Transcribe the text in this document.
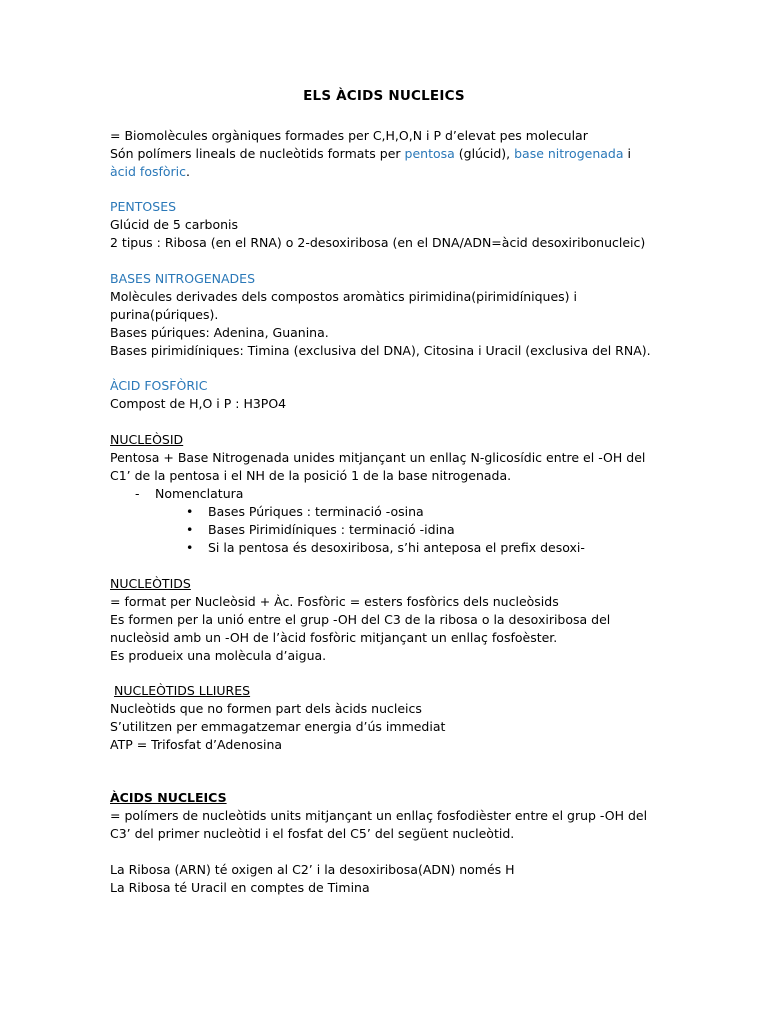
ELS ÀCIDS NUCLEICS
= Biomolècules orgàniques formades per C,H,O,N i P d’elevat pes molecular
Són polímers lineals de nucleòtids formats per pentosa (glúcid), base nitrogenada i
àcid fosfòric.
PENTOSES
Glúcid de 5 carbonis
2 tipus : Ribosa (en el RNA) o 2-desoxiribosa (en el DNA/ADN=àcid desoxiribonucleic)
BASES NITROGENADES
Molècules derivades dels compostos aromàtics pirimidina(pirimidíniques) i
purina(púriques).
Bases púriques: Adenina, Guanina.
Bases pirimidíniques: Timina (exclusiva del DNA), Citosina i Uracil (exclusiva del RNA).
ÀCID FOSFÒRIC
Compost de H,O i P : H3PO4
NUCLEÒSID
Pentosa + Base Nitrogenada unides mitjançant un enllaç N-glicosídic entre el -OH del
C1’ de la pentosa i el NH de la posició 1 de la base nitrogenada.
- Nomenclatura
• Bases Púriques : terminació -osina
• Bases Pirimidíniques : terminació -idina
• Si la pentosa és desoxiribosa, s’hi anteposa el prefix desoxi-
NUCLEÒTIDS
= format per Nucleòsid + Àc. Fosfòric = esters fosfòrics dels nucleòsids
Es formen per la unió entre el grup -OH del C3 de la ribosa o la desoxiribosa del
nucleòsid amb un -OH de l’àcid fosfòric mitjançant un enllaç fosfoèster.
Es produeix una molècula d’aigua.
NUCLEÒTIDS LLIURES
Nucleòtids que no formen part dels àcids nucleics
S’utilitzen per emmagatzemar energia d’ús immediat
ATP = Trifosfat d’Adenosina
ÀCIDS NUCLEICS
= polímers de nucleòtids units mitjançant un enllaç fosfodièster entre el grup -OH del
C3’ del primer nucleòtid i el fosfat del C5’ del següent nucleòtid.
La Ribosa (ARN) té oxigen al C2’ i la desoxiribosa(ADN) només H
La Ribosa té Uracil en comptes de Timina
